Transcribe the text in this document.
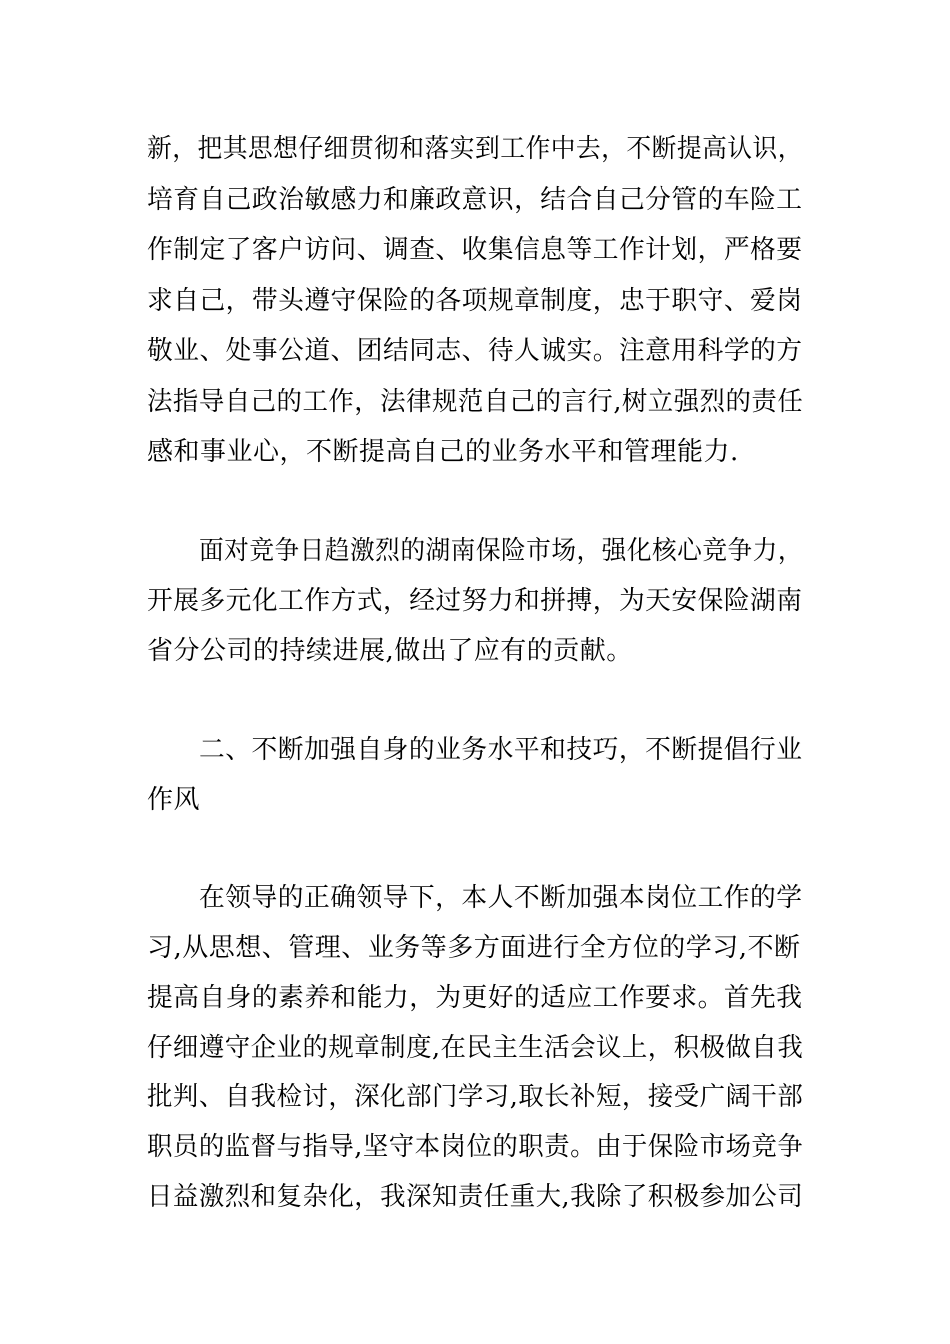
新，把其思想仔细贯彻和落实到工作中去，不断提高认识，
培育自己政治敏感力和廉政意识，结合自己分管的车险工
作制定了客户访问、调查、收集信息等工作计划，严格要
求自己，带头遵守保险的各项规章制度，忠于职守、爱岗
敬业、处事公道、团结同志、待人诚实。注意用科学的方
法指导自己的工作，法律规范自己的言行,树立强烈的责任
感和事业心，不断提高自己的业务水平和管理能力.
面对竞争日趋激烈的湖南保险市场，强化核心竞争力，
开展多元化工作方式，经过努力和拼搏，为天安保险湖南
省分公司的持续进展,做出了应有的贡献。
二、不断加强自身的业务水平和技巧，不断提倡行业
作风
在领导的正确领导下，本人不断加强本岗位工作的学
习,从思想、管理、业务等多方面进行全方位的学习,不断
提高自身的素养和能力，为更好的适应工作要求。首先我
仔细遵守企业的规章制度,在民主生活会议上，积极做自我
批判、自我检讨，深化部门学习,取长补短，接受广阔干部
职员的监督与指导,坚守本岗位的职责。由于保险市场竞争
日益激烈和复杂化，我深知责任重大,我除了积极参加公司
